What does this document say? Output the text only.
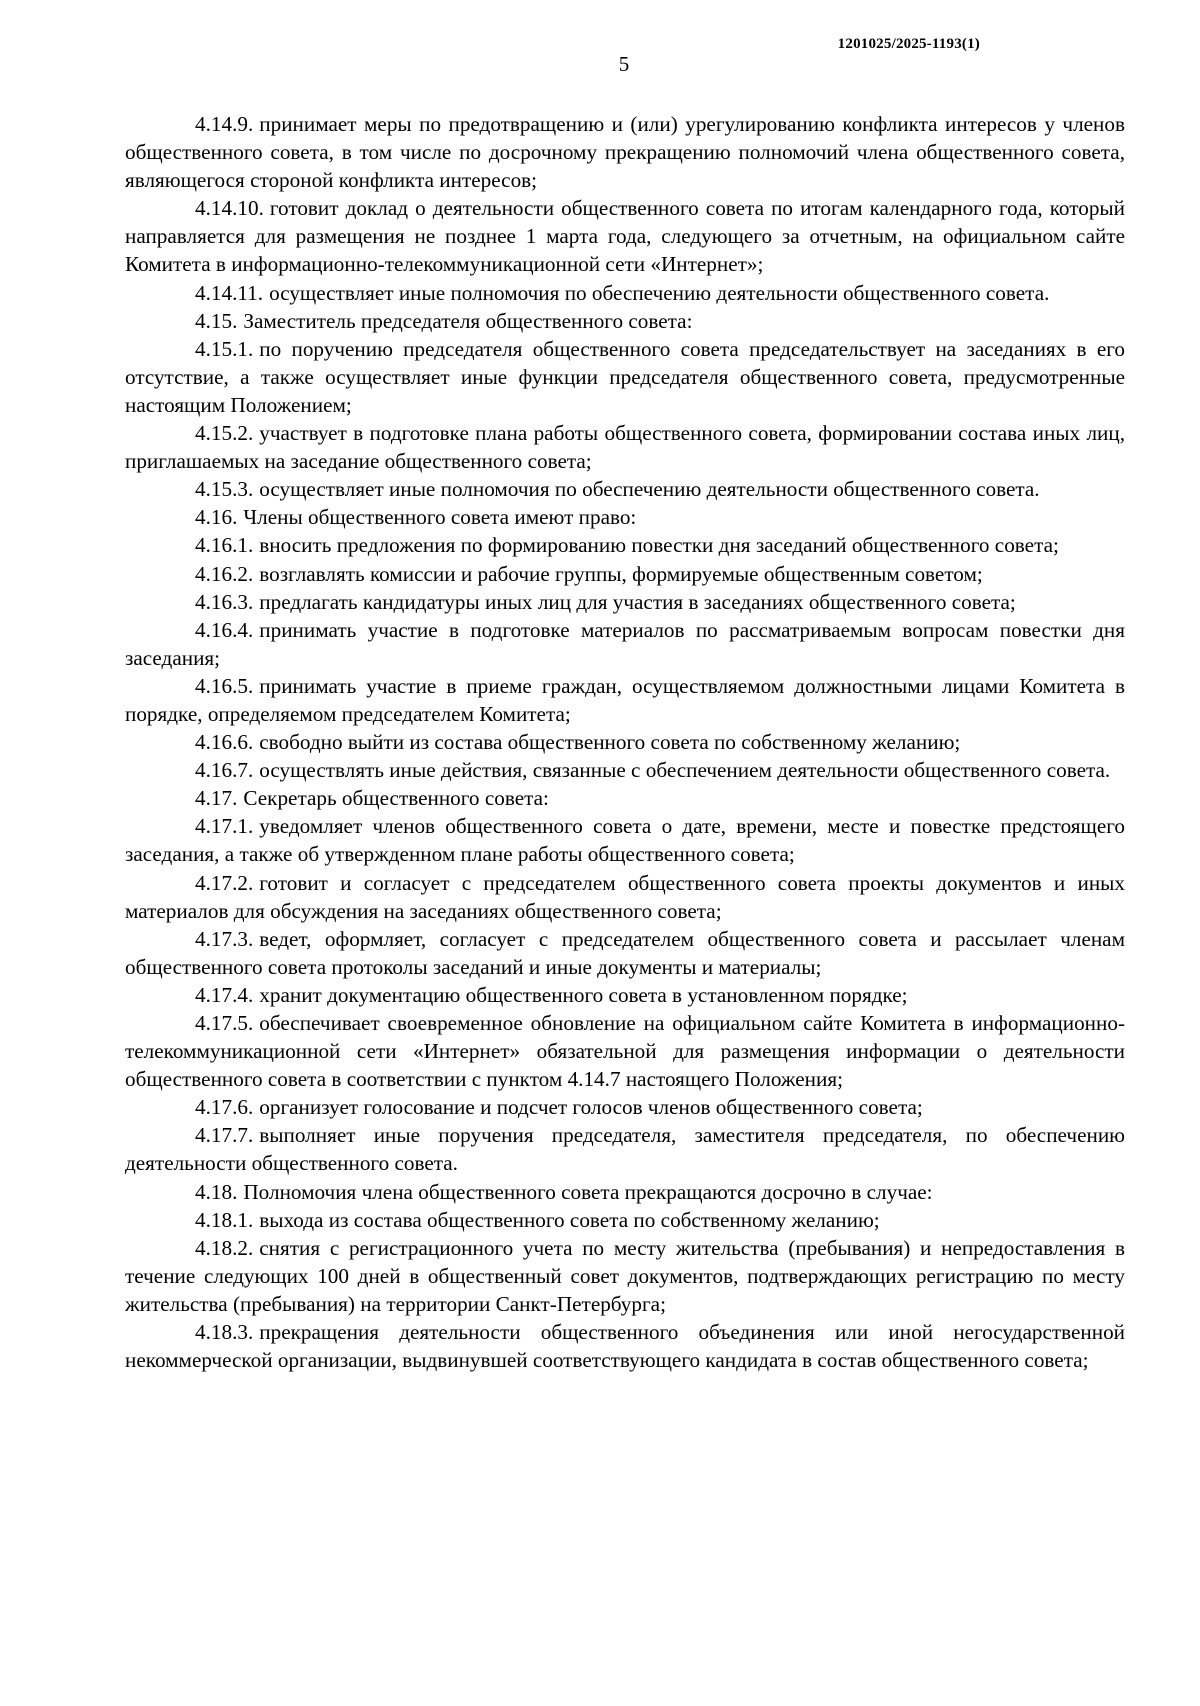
1201025/2025-1193(1)
5

4.14.9. принимает меры по предотвращению и (или) урегулированию конфликта интересов у членов общественного совета, в том числе по досрочному прекращению полномочий члена общественного совета, являющегося стороной конфликта интересов;

4.14.10. готовит доклад о деятельности общественного совета по итогам календарного года, который направляется для размещения не позднее 1 марта года, следующего за отчетным, на официальном сайте Комитета в информационно-телекоммуникационной сети «Интернет»;

4.14.11. осуществляет иные полномочия по обеспечению деятельности общественного совета.

4.15. Заместитель председателя общественного совета:

4.15.1. по поручению председателя общественного совета председательствует на заседаниях в его отсутствие, а также осуществляет иные функции председателя общественного совета, предусмотренные настоящим Положением;

4.15.2. участвует в подготовке плана работы общественного совета, формировании состава иных лиц, приглашаемых на заседание общественного совета;

4.15.3. осуществляет иные полномочия по обеспечению деятельности общественного совета.

4.16. Члены общественного совета имеют право:

4.16.1. вносить предложения по формированию повестки дня заседаний общественного совета;

4.16.2. возглавлять комиссии и рабочие группы, формируемые общественным советом;

4.16.3. предлагать кандидатуры иных лиц для участия в заседаниях общественного совета;

4.16.4. принимать участие в подготовке материалов по рассматриваемым вопросам повестки дня заседания;

4.16.5. принимать участие в приеме граждан, осуществляемом должностными лицами Комитета в порядке, определяемом председателем Комитета;

4.16.6. свободно выйти из состава общественного совета по собственному желанию;

4.16.7. осуществлять иные действия, связанные с обеспечением деятельности общественного совета.

4.17. Секретарь общественного совета:

4.17.1. уведомляет членов общественного совета о дате, времени, месте и повестке предстоящего заседания, а также об утвержденном плане работы общественного совета;

4.17.2. готовит и согласует с председателем общественного совета проекты документов и иных материалов для обсуждения на заседаниях общественного совета;

4.17.3. ведет, оформляет, согласует с председателем общественного совета и рассылает членам общественного совета протоколы заседаний и иные документы и материалы;

4.17.4. хранит документацию общественного совета в установленном порядке;

4.17.5. обеспечивает своевременное обновление на официальном сайте Комитета в информационно-телекоммуникационной сети «Интернет» обязательной для размещения информации о деятельности общественного совета в соответствии с пунктом 4.14.7 настоящего Положения;

4.17.6. организует голосование и подсчет голосов членов общественного совета;

4.17.7. выполняет иные поручения председателя, заместителя председателя, по обеспечению деятельности общественного совета.

4.18. Полномочия члена общественного совета прекращаются досрочно в случае:

4.18.1. выхода из состава общественного совета по собственному желанию;

4.18.2. снятия с регистрационного учета по месту жительства (пребывания) и непредоставления в течение следующих 100 дней в общественный совет документов, подтверждающих регистрацию по месту жительства (пребывания) на территории Санкт-Петербурга;

4.18.3. прекращения деятельности общественного объединения или иной негосударственной некоммерческой организации, выдвинувшей соответствующего кандидата в состав общественного совета;
